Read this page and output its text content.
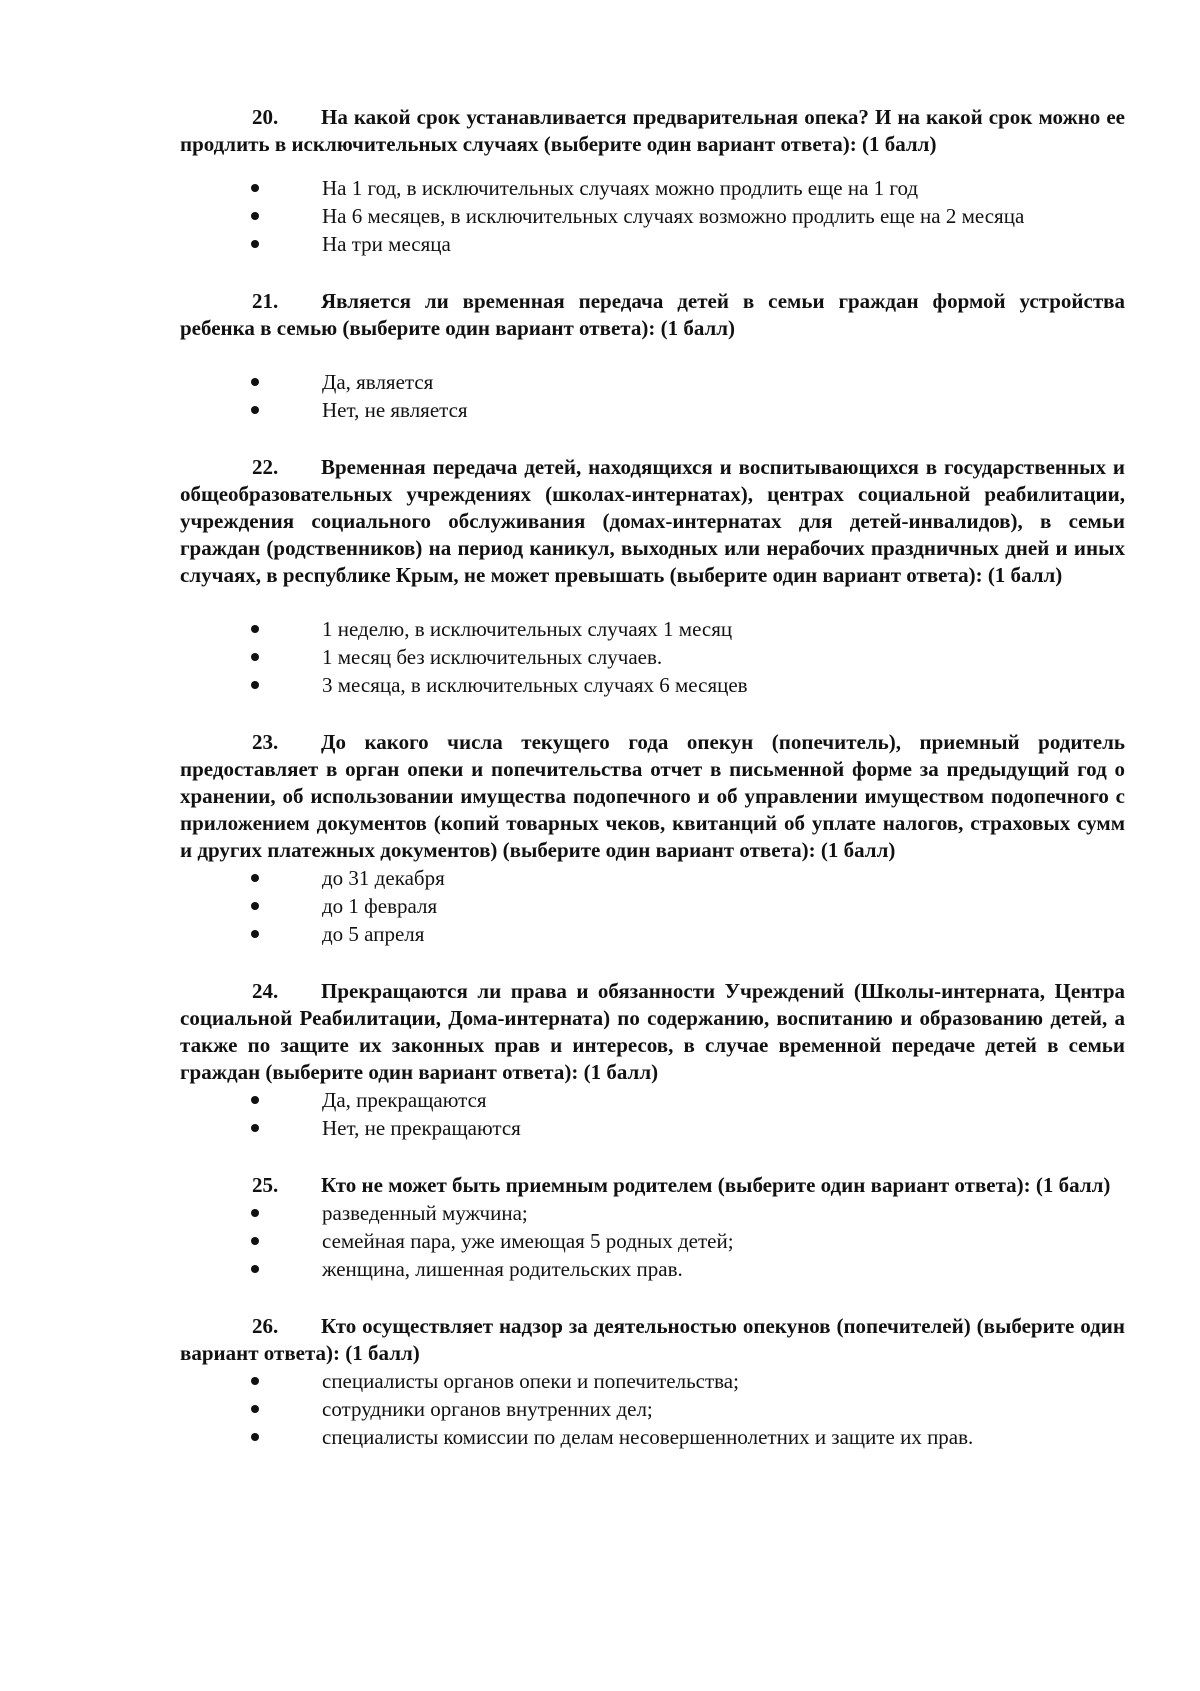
20. На какой срок устанавливается предварительная опека? И на какой срок можно ее продлить в исключительных случаях (выберите один вариант ответа): (1 балл)

На 1 год, в исключительных случаях можно продлить еще на 1 год
На 6 месяцев, в исключительных случаях возможно продлить еще на 2 месяца
На три месяца

21. Является ли временная передача детей в семьи граждан формой устройства ребенка в семью (выберите один вариант ответа): (1 балл)

Да, является
Нет, не является

22. Временная передача детей, находящихся и воспитывающихся в государственных и общеобразовательных учреждениях (школах-интернатах), центрах социальной реабилитации, учреждения социального обслуживания (домах-интернатах для детей-инвалидов), в семьи граждан (родственников) на период каникул, выходных или нерабочих праздничных дней и иных случаях, в республике Крым, не может превышать (выберите один вариант ответа): (1 балл)

1 неделю, в исключительных случаях 1 месяц
1 месяц без исключительных случаев.
3 месяца, в исключительных случаях 6 месяцев

23. До какого числа текущего года опекун (попечитель), приемный родитель предоставляет в орган опеки и попечительства отчет в письменной форме за предыдущий год о хранении, об использовании имущества подопечного и об управлении имуществом подопечного с приложением документов (копий товарных чеков, квитанций об уплате налогов, страховых сумм и других платежных документов) (выберите один вариант ответа): (1 балл)

до 31 декабря
до 1 февраля
до 5 апреля

24. Прекращаются ли права и обязанности Учреждений (Школы-интерната, Центра социальной Реабилитации, Дома-интерната) по содержанию, воспитанию и образованию детей, а также по защите их законных прав и интересов, в случае временной передаче детей в семьи граждан (выберите один вариант ответа): (1 балл)

Да, прекращаются
Нет, не прекращаются

25. Кто не может быть приемным родителем (выберите один вариант ответа): (1 балл)

разведенный мужчина;
семейная пара, уже имеющая 5 родных детей;
женщина, лишенная родительских прав.

26. Кто осуществляет надзор за деятельностью опекунов (попечителей) (выберите один вариант ответа): (1 балл)

специалисты органов опеки и попечительства;
сотрудники органов внутренних дел;
специалисты комиссии по делам несовершеннолетних и защите их прав.
